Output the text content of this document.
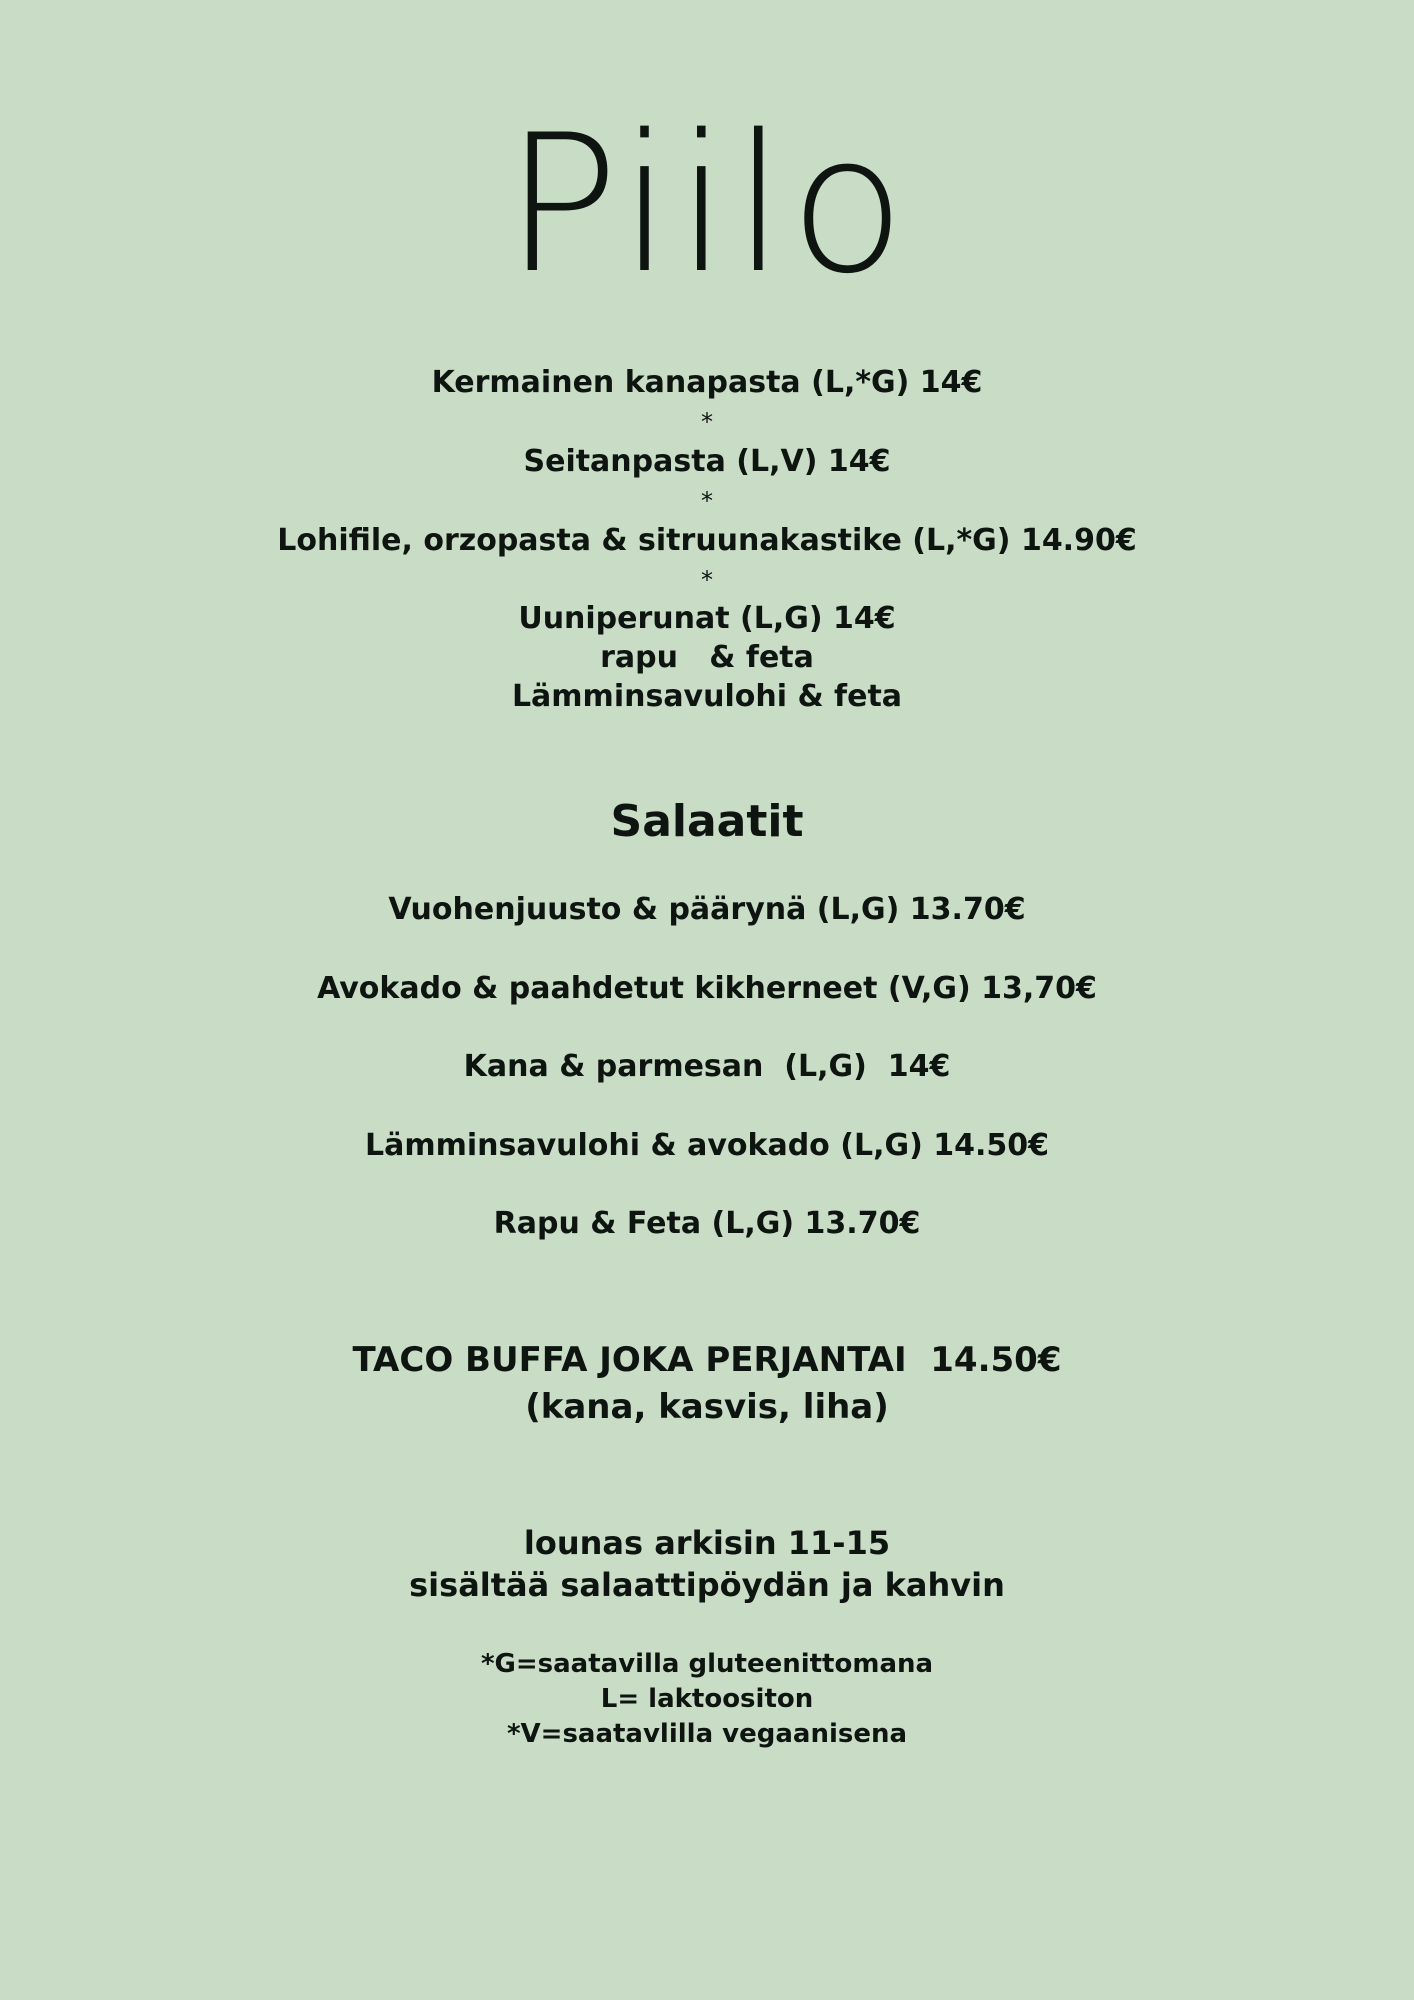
Piilo
Kermainen kanapasta (L,*G) 14€
*
Seitanpasta (L,V) 14€
*
Lohifile, orzopasta & sitruunakastike (L,*G) 14.90€
*
Uuniperunat (L,G) 14€
rapu   & feta
Lämminsavulohi & feta
Salaatit
Vuohenjuusto & päärynä (L,G) 13.70€
Avokado & paahdetut kikherneet (V,G) 13,70€
Kana & parmesan  (L,G)  14€
Lämminsavulohi & avokado (L,G) 14.50€
Rapu & Feta (L,G) 13.70€
TACO BUFFA JOKA PERJANTAI  14.50€
(kana, kasvis, liha)
lounas arkisin 11-15
sisältää salaattipöydän ja kahvin
*G=saatavilla gluteenittomana
L= laktoositon
*V=saatavlilla vegaanisena
